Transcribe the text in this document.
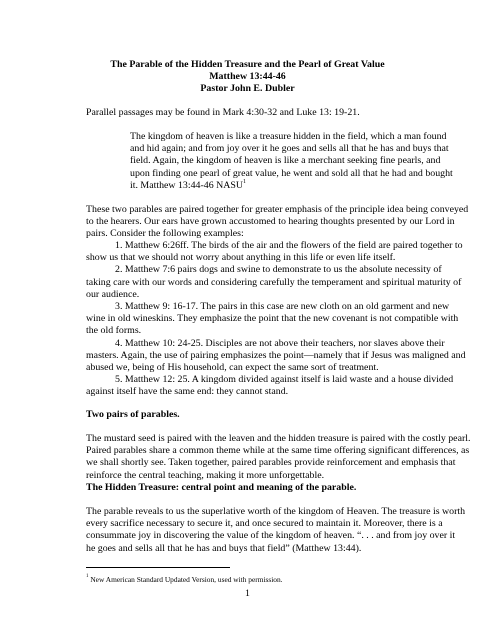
The Parable of the Hidden Treasure and the Pearl of Great Value
Matthew 13:44-46
Pastor John E. Dubler
Parallel passages may be found in Mark 4:30-32 and Luke 13: 19-21.
The kingdom of heaven is like a treasure hidden in the field, which a man found
and hid again; and from joy over it he goes and sells all that he has and buys that
field. Again, the kingdom of heaven is like a merchant seeking fine pearls, and
upon finding one pearl of great value, he went and sold all that he had and bought
it. Matthew 13:44-46 NASU$^1$
These two parables are paired together for greater emphasis of the principle idea being conveyed
to the hearers. Our ears have grown accustomed to hearing thoughts presented by our Lord in
pairs. Consider the following examples:
1. Matthew 6:26ff. The birds of the air and the flowers of the field are paired together to
show us that we should not worry about anything in this life or even life itself.
2. Matthew 7:6 pairs dogs and swine to demonstrate to us the absolute necessity of
taking care with our words and considering carefully the temperament and spiritual maturity of
our audience.
3. Matthew 9: 16-17. The pairs in this case are new cloth on an old garment and new
wine in old wineskins. They emphasize the point that the new covenant is not compatible with
the old forms.
4. Matthew 10: 24-25. Disciples are not above their teachers, nor slaves above their
masters. Again, the use of pairing emphasizes the point—namely that if Jesus was maligned and
abused we, being of His household, can expect the same sort of treatment.
5. Matthew 12: 25. A kingdom divided against itself is laid waste and a house divided
against itself have the same end: they cannot stand.
Two pairs of parables.
The mustard seed is paired with the leaven and the hidden treasure is paired with the costly pearl.
Paired parables share a common theme while at the same time offering significant differences, as
we shall shortly see. Taken together, paired parables provide reinforcement and emphasis that
reinforce the central teaching, making it more unforgettable.
The Hidden Treasure: central point and meaning of the parable.
The parable reveals to us the superlative worth of the kingdom of Heaven. The treasure is worth
every sacrifice necessary to secure it, and once secured to maintain it. Moreover, there is a
consummate joy in discovering the value of the kingdom of heaven. “. . . and from joy over it
he goes and sells all that he has and buys that field” (Matthew 13:44).
$^1$ New American Standard Updated Version, used with permission.
1
